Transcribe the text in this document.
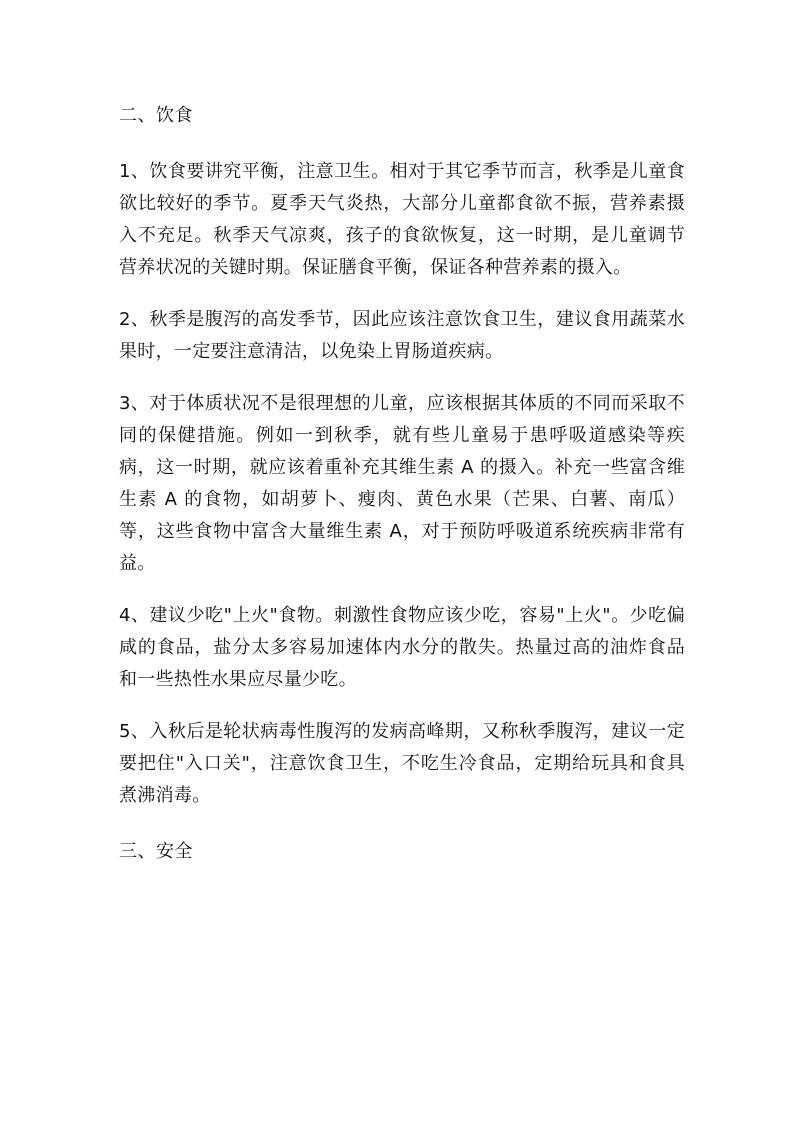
二、饮食

1、饮食要讲究平衡，注意卫生。相对于其它季节而言，秋季是儿童食欲比较好的季节。夏季天气炎热，大部分儿童都食欲不振，营养素摄入不充足。秋季天气凉爽，孩子的食欲恢复，这一时期，是儿童调节营养状况的关键时期。保证膳食平衡，保证各种营养素的摄入。

2、秋季是腹泻的高发季节，因此应该注意饮食卫生，建议食用蔬菜水果时，一定要注意清洁，以免染上胃肠道疾病。

3、对于体质状况不是很理想的儿童，应该根据其体质的不同而采取不同的保健措施。例如一到秋季，就有些儿童易于患呼吸道感染等疾病，这一时期，就应该着重补充其维生素 A 的摄入。补充一些富含维生素 A 的食物，如胡萝卜、瘦肉、黄色水果（芒果、白薯、南瓜）等，这些食物中富含大量维生素 A，对于预防呼吸道系统疾病非常有益。

4、建议少吃"上火"食物。刺激性食物应该少吃，容易"上火"。少吃偏咸的食品，盐分太多容易加速体内水分的散失。热量过高的油炸食品和一些热性水果应尽量少吃。

5、入秋后是轮状病毒性腹泻的发病高峰期，又称秋季腹泻，建议一定要把住"入口关"，注意饮食卫生，不吃生冷食品，定期给玩具和食具煮沸消毒。

三、安全
